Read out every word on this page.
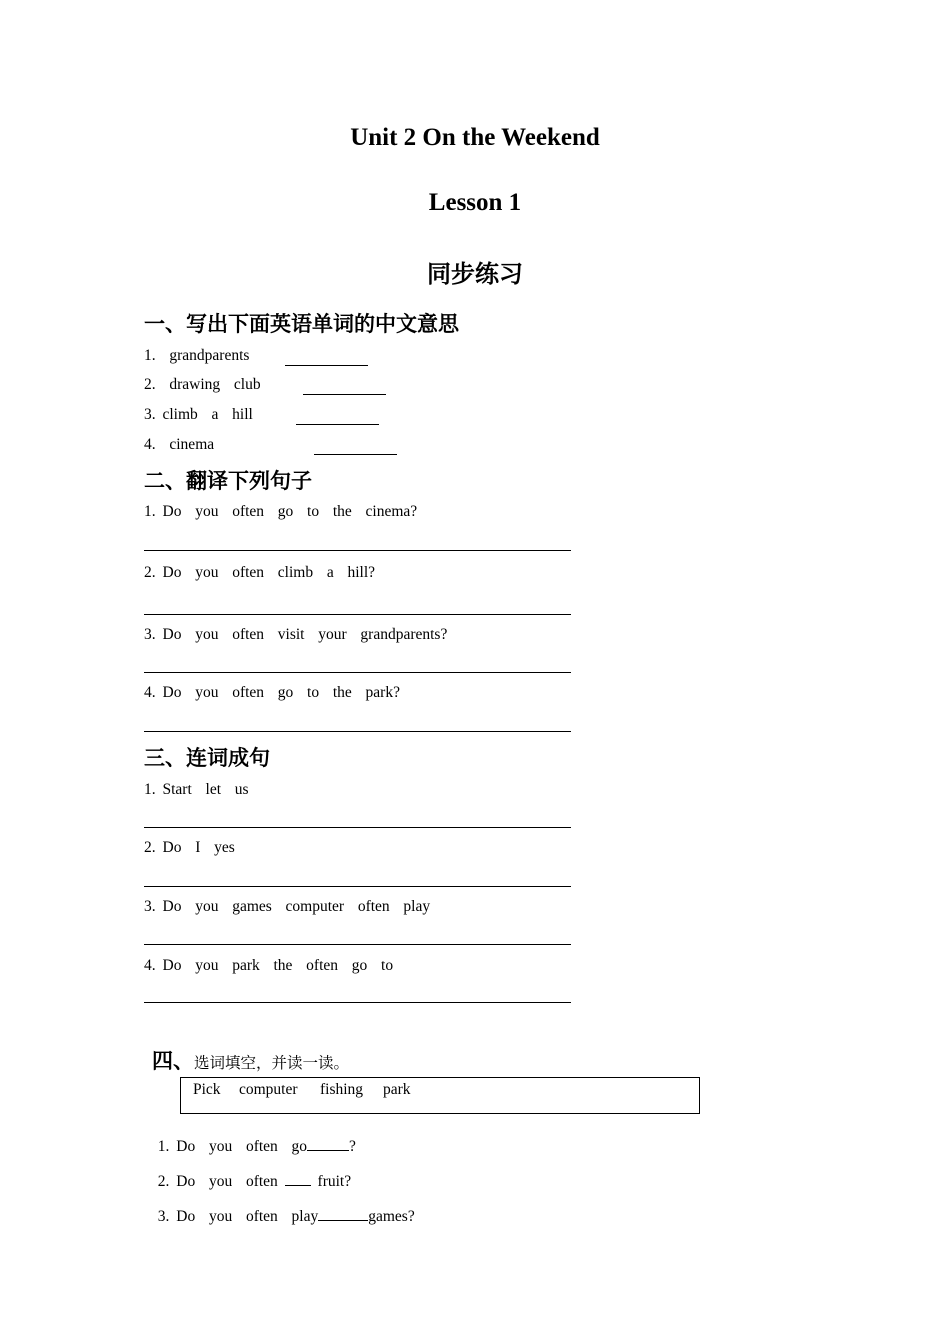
Unit 2 On the Weekend
Lesson 1
同步练习
一、写出下面英语单词的中文意思
1.  grandparents
2.  drawing  club
3. climb  a  hill
4.  cinema
二、翻译下列句子
1. Do  you  often  go  to  the  cinema?
2. Do  you  often  climb  a  hill?
3. Do  you  often  visit  your  grandparents?
4. Do  you  often  go  to  the  park?
三、连词成句
1. Start  let  us
2. Do  I  yes
3. Do  you  games  computer  often  play
4. Do  you  park  the  often  go  to

四、选词填空，并读一读。

Pick computer fishing park

1. Do  you  often  go	?

2. Do  you  often  fruit?

3. Do  you  often  play	games?
